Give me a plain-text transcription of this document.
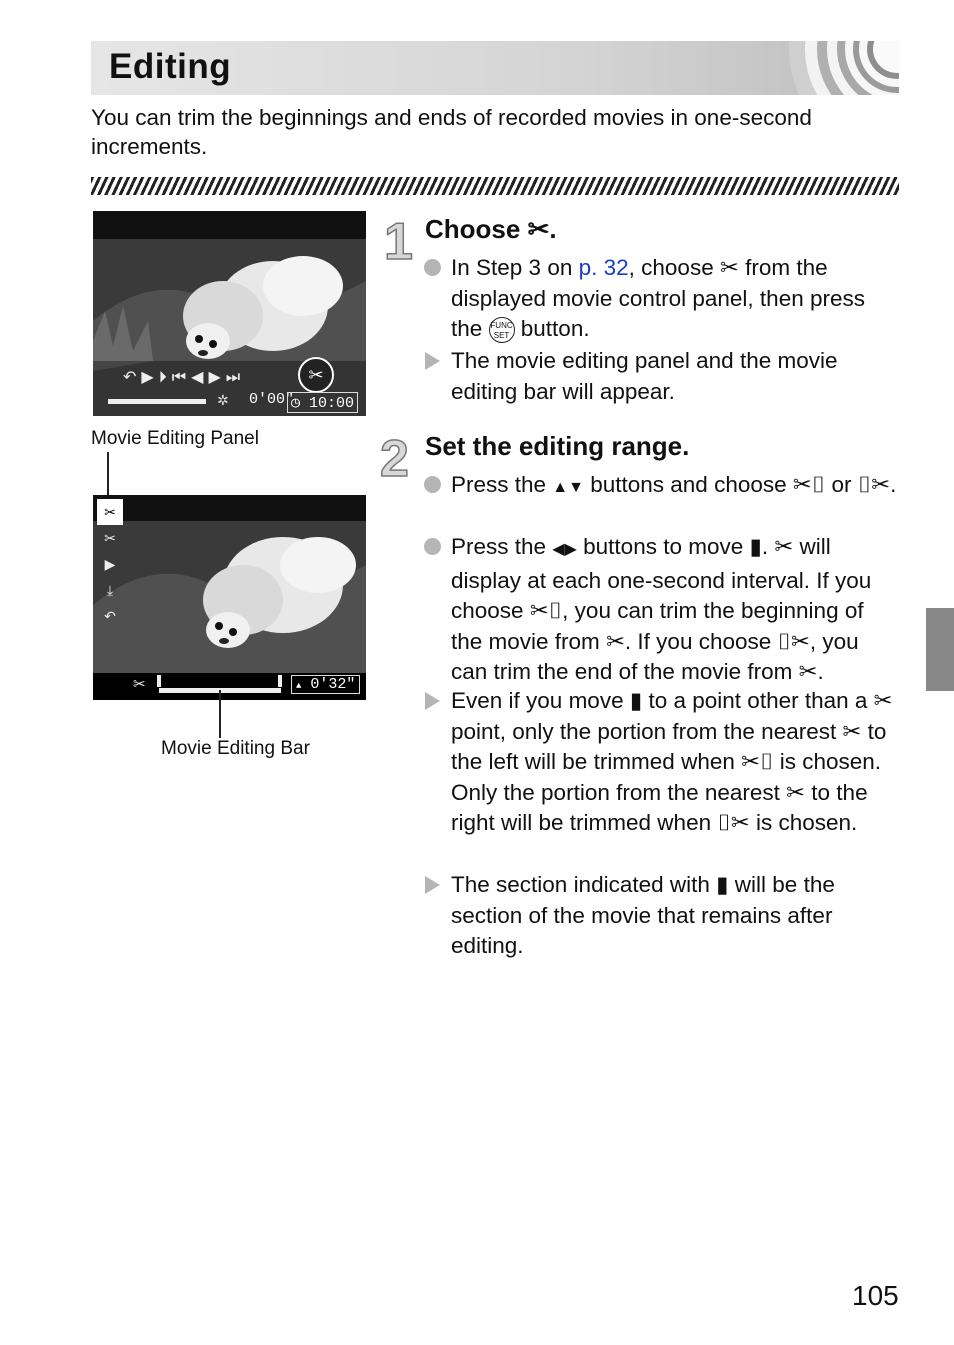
Editing
You can trim the beginnings and ends of recorded movies in one-second increments.
↶▶⏵⏮◀▶⏭	✂
✲ 0'00"
◷ 10:00
Movie Editing Panel
✂
✂
▶
⤓
↶
✂	▲ 0'32"
Movie Editing Bar
1 Choose ✂.
In Step 3 on p. 32, choose ✂ from the displayed movie control panel, then press the FUNC
SET button.
The movie editing panel and the movie editing bar will appear.
2 Set the editing range.
Press the ▲▼ buttons and choose ✂⌷ or ⌷✂.
Press the ◀▶ buttons to move ▮. ✂ will display at each one-second interval. If you choose ✂⌷, you can trim the beginning of the movie from ✂. If you choose ⌷✂, you can trim the end of the movie from ✂.
Even if you move ▮ to a point other than a ✂ point, only the portion from the nearest ✂ to the left will be trimmed when ✂⌷ is chosen. Only the portion from the nearest ✂ to the right will be trimmed when ⌷✂ is chosen.
The section indicated with ▮ will be the section of the movie that remains after editing.
105
